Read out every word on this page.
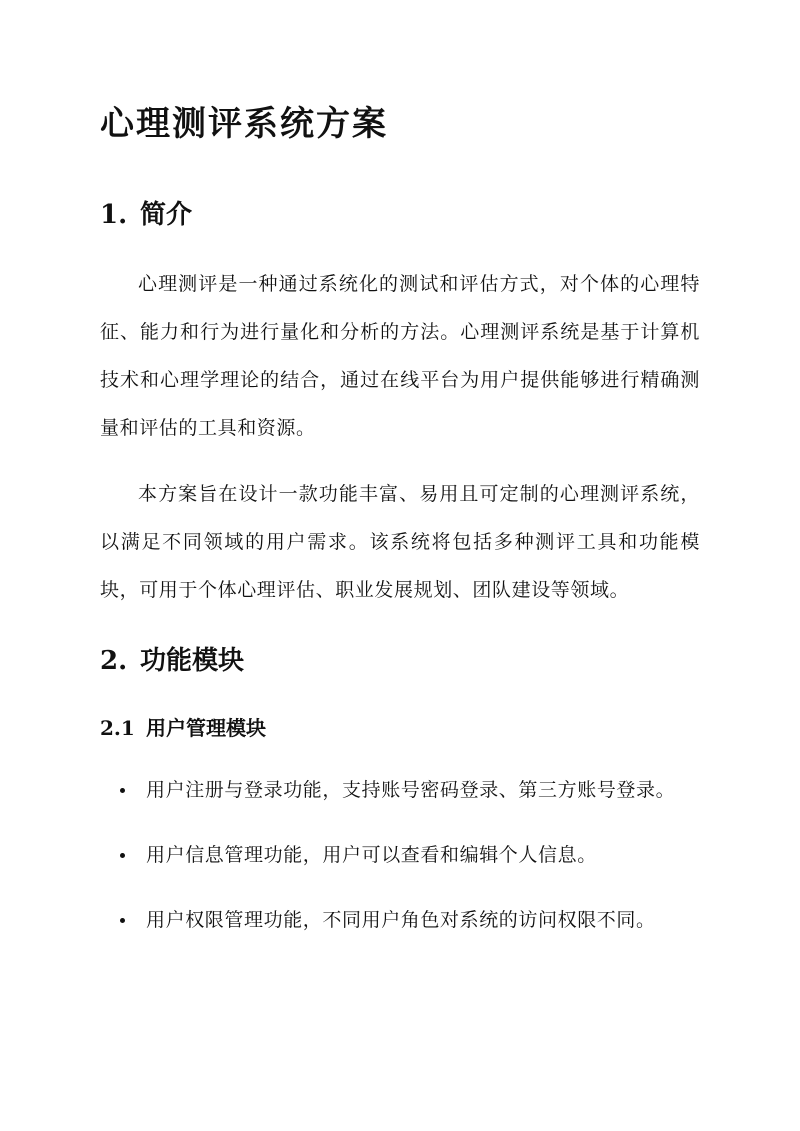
心理测评系统方案
1. 简介

心理测评是一种通过系统化的测试和评估方式，对个体的心理特征、能力和行为进行量化和分析的方法。心理测评系统是基于计算机技术和心理学理论的结合，通过在线平台为用户提供能够进行精确测量和评估的工具和资源。

本方案旨在设计一款功能丰富、易用且可定制的心理测评系统，以满足不同领域的用户需求。该系统将包括多种测评工具和功能模块，可用于个体心理评估、职业发展规划、团队建设等领域。

2. 功能模块
2.1 用户管理模块
用户注册与登录功能，支持账号密码登录、第三方账号登录。
用户信息管理功能，用户可以查看和编辑个人信息。
用户权限管理功能，不同用户角色对系统的访问权限不同。
